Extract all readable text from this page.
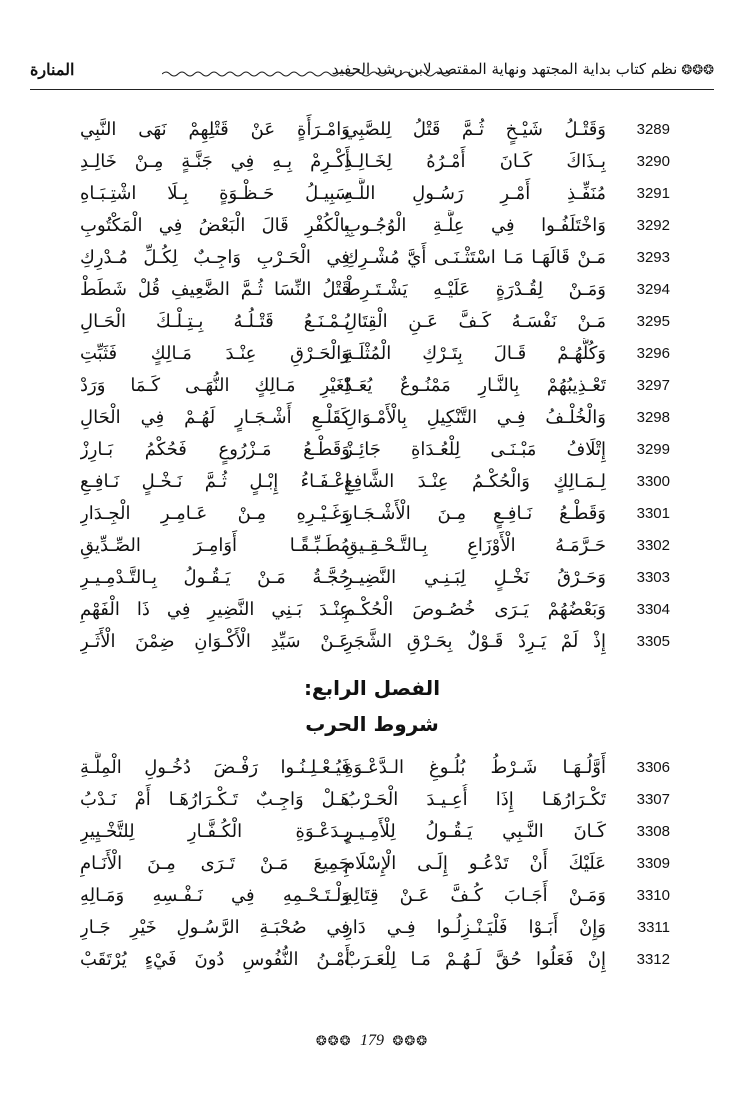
❂❂❂نظم كتاب بداية المجتهد ونهاية المقتصد لابن رشد الحفيد
المنارة
3289
وَقَتْـلُ شَيْـخٍ ثُـمَّ قَتْلُ لِلصَّبِي
وَامْـرَأَةٍ عَنْ قَتْلِهِمْ نَهَى النَّبِي
3290
بِـذَاكَ كَـانَ أَمْـرُهُ لِخَـالِـدِ
أَكْـرِمْ بِـهِ فِي جَنَّـةٍ مِـنْ خَالِـدِ
3291
مُنَفِّـذِ أَمْـرِ رَسُـولِ اللَّـهِ
سَبِيـلُ حَـظْـوَةٍ بِـلَا اشْتِـبَـاهِ
3292
وَاخْتَلَفُـوا فِي عِلَّـةِ الْوُجُـوبِ
بِالْكُفْرِ قَالَ الْبَعْضُ فِي الْمَكْتُوبِ
3293
مَـنْ قَالَهَـا مَـا اسْتَثْـنَـى أَيَّ مُشْـرِكِ
فِي الْحَـرْبِ وَاجِـبٌ لِكُـلِّ مُـدْرِكِ
3294
وَمَـنْ لِقُـدْرَةٍ عَلَيْـهِ يَشْـتَـرِطْ
قَتْلُ النِّسَا ثُـمَّ الضَّعِيفِ قُلْ شَطَطْ
3295
مَـنْ نَفْسَـهُ كَـفَّ عَـنِ الْقِتَالِ
يُـمْـنَـعُ قَتْـلُـهُ بِـتِـلْـكَ الْحَـالِ
3296
وَكُلُّهُـمْ قَـالَ بِتَـرْكِ الْمُثْلَـةِ
وَالْحَـرْقِ عِنْـدَ مَـالِكٍ فَثَبِّتِ
3297
تَعْـذِيبُهُمْ بِالنَّـارِ مَمْنُـوعٌ يُعَـدّْ
لِغَيْرِ مَـالِكٍ النُّهَـى كَـمَا وَرَدْ
3298
وَالْخُلْـفُ فِـي التَّنْكِيلِ بِالْأَمْـوَالِ
كَقَلْـعِ أَشْـجَـارٍ لَهُـمْ فِي الْحَالِ
3299
إِتْلَافُ مَبْـنَـى لِلْعُـدَاةِ جَائِـزْ
وَقَطْـعُ مَـزْرُوعٍ فَحُكْمُ بَـارِزْ
3300
لِـمَـالِكٍ وَالْحُكْـمُ عِنْـدَ الشَّافِعِ
إِعْـفَـاءُ إِبْـلٍ ثُـمَّ نَـخْـلٍ نَـافِـعِ
3301
وَقَطْـعُ نَـافِـعٍ مِـنَ الْأَشْـجَـارِ
وَغَـيْـرِهِ مِـنْ عَـامِـرِ الْجِـدَارِ
3302
حَـرَّمَـهُ الْأَوْزَاعِ بِـالتَّـحْـقِـيقِ
مُطَـبِّـقًـا أَوَامِـرَ الصِّـدِّيقِ
3303
وَحَـرْقُ نَخْـلٍ لِبَـنِـي النَّضِيـرِ
حُجَّـةُ مَـنْ يَـقُـولُ بِـالتَّـدْمِـيـرِ
3304
وَبَعْضُهُمْ يَـرَى خُصُـوصَ الْحُكْـمِ
عِنْـدَ بَـنِي النَّضِيرِ فِي ذَا الْفَهْمِ
3305
إِذْ لَمْ يَـرِدْ قَـوْلٌ بِحَـرْقِ الشَّجَرِ
عَـنْ سَيِّدِ الْأَكْـوَانِ ضِمْنَ الْأَثَـرِ
الفصل الرابع:
شروط الحرب
3306
أَوَّلُـهَـا شَـرْطُ بُلُـوغِ الـدَّعْـوَةِ
فَيُـعْـلِـنُـوا رَفْـضَ دُخُـولِ الْمِلَّـةِ
3307
تَكْـرَارُهَـا إِذَا أُعِـيـدَ الْحَـرْبُ
هَـلْ وَاجِـبٌ تَـكْـرَارُهَـا أَمْ نَـدْبُ
3308
كَـانَ النَّـبِي يَـقُـولُ لِلْأَمِـيـرِ
بِـدَعْـوَةِ الْكُـفَّـارِ لِلتَّخْـيِيرِ
3309
عَلَيْكَ أَنْ تَدْعُـو إِلَـى الْإِسْلَامِ
جَمِيعَ مَـنْ تَـرَى مِـنَ الْأَنَـامِ
3310
وَمَـنْ أَجَـابَ كُـفَّ عَـنْ قِتَالِهِ
وَلْـتَـحْـمِهِ فِي نَـفْـسِهِ وَمَـالِهِ
3311
وَإِنْ أَبَـوْا فَلْيَـنْـزِلُـوا فِـي دَارِ
فِي صُحْبَـةِ الرَّسُـولِ خَيْرِ جَـارِ
3312
إِنْ فَعَلُوا حُقَّ لَـهُـمْ مَـا لِلْعَـرَبْ
أَمْـنُ النُّفُوسِ دُونَ فَيْءٍ يُرْتَقَبْ
❂❂❂ 179 ❂❂❂
